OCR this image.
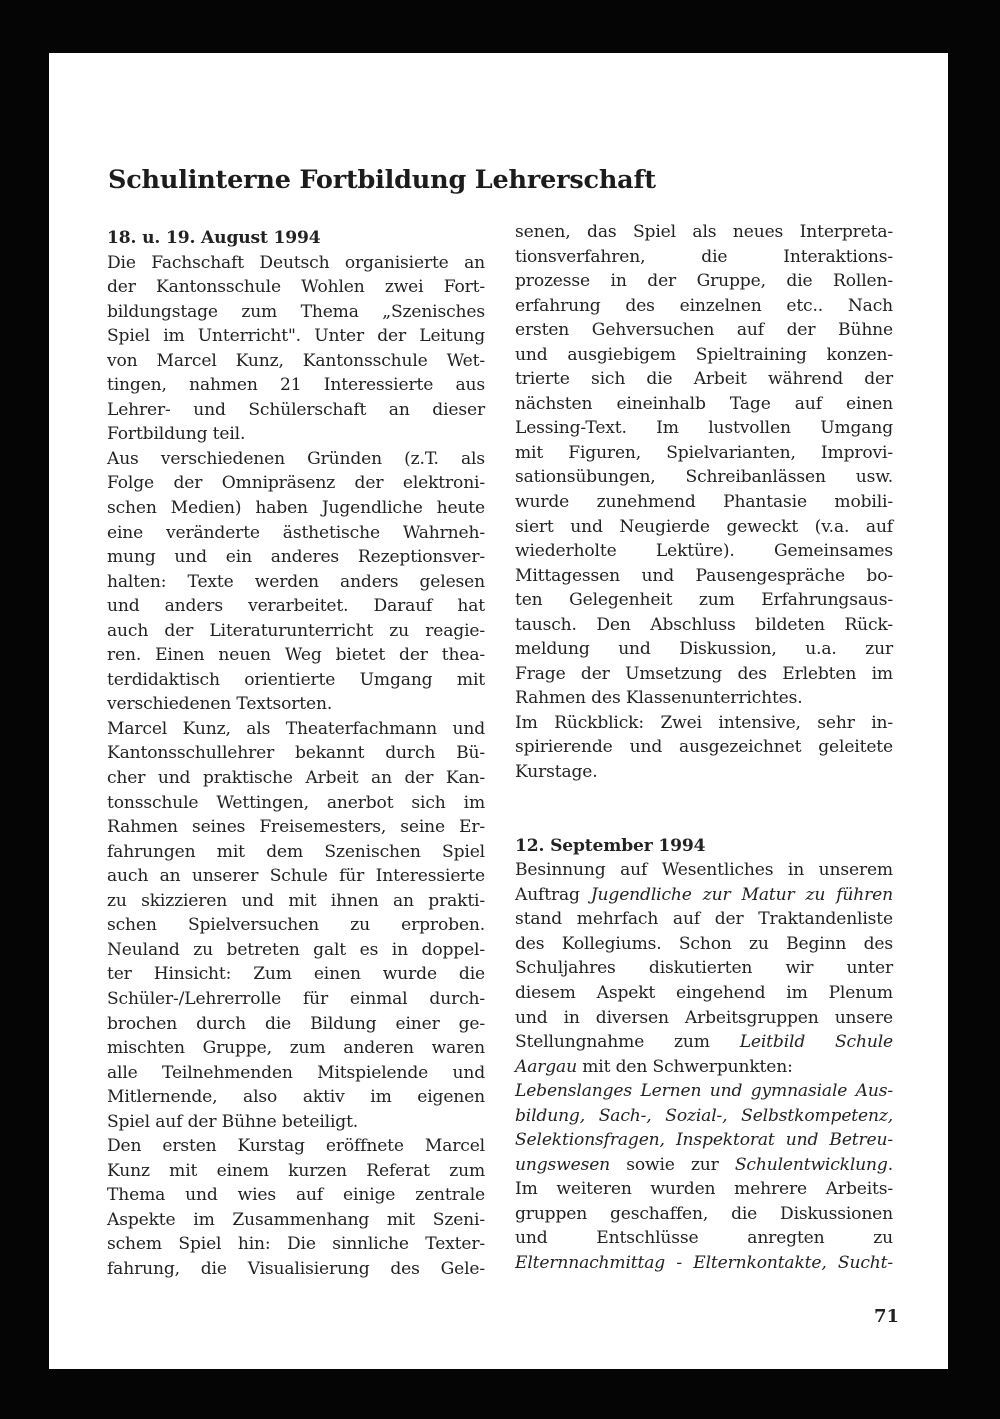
Schulinterne Fortbildung Lehrerschaft
18. u. 19. August 1994
Die Fachschaft Deutsch organisierte an
der Kantonsschule Wohlen zwei Fort-
bildungstage zum Thema „Szenisches
Spiel im Unterricht". Unter der Leitung
von Marcel Kunz, Kantonsschule Wet-
tingen, nahmen 21 Interessierte aus
Lehrer- und Schülerschaft an dieser
Fortbildung teil.
Aus verschiedenen Gründen (z.T. als
Folge der Omnipräsenz der elektroni-
schen Medien) haben Jugendliche heute
eine veränderte ästhetische Wahrneh-
mung und ein anderes Rezeptionsver-
halten: Texte werden anders gelesen
und anders verarbeitet. Darauf hat
auch der Literaturunterricht zu reagie-
ren. Einen neuen Weg bietet der thea-
terdidaktisch orientierte Umgang mit
verschiedenen Textsorten.
Marcel Kunz, als Theaterfachmann und
Kantonsschullehrer bekannt durch Bü-
cher und praktische Arbeit an der Kan-
tonsschule Wettingen, anerbot sich im
Rahmen seines Freisemesters, seine Er-
fahrungen mit dem Szenischen Spiel
auch an unserer Schule für Interessierte
zu skizzieren und mit ihnen an prakti-
schen Spielversuchen zu erproben.
Neuland zu betreten galt es in doppel-
ter Hinsicht: Zum einen wurde die
Schüler-/Lehrerrolle für einmal durch-
brochen durch die Bildung einer ge-
mischten Gruppe, zum anderen waren
alle Teilnehmenden Mitspielende und
Mitlernende, also aktiv im eigenen
Spiel auf der Bühne beteiligt.
Den ersten Kurstag eröffnete Marcel
Kunz mit einem kurzen Referat zum
Thema und wies auf einige zentrale
Aspekte im Zusammenhang mit Szeni-
schem Spiel hin: Die sinnliche Texter-
fahrung, die Visualisierung des Gele-
senen, das Spiel als neues Interpreta-
tionsverfahren, die Interaktions-
prozesse in der Gruppe, die Rollen-
erfahrung des einzelnen etc.. Nach
ersten Gehversuchen auf der Bühne
und ausgiebigem Spieltraining konzen-
trierte sich die Arbeit während der
nächsten eineinhalb Tage auf einen
Lessing-Text. Im lustvollen Umgang
mit Figuren, Spielvarianten, Improvi-
sationsübungen, Schreibanlässen usw.
wurde zunehmend Phantasie mobili-
siert und Neugierde geweckt (v.a. auf
wiederholte Lektüre). Gemeinsames
Mittagessen und Pausengespräche bo-
ten Gelegenheit zum Erfahrungsaus-
tausch. Den Abschluss bildeten Rück-
meldung und Diskussion, u.a. zur
Frage der Umsetzung des Erlebten im
Rahmen des Klassenunterrichtes.
Im Rückblick: Zwei intensive, sehr in-
spirierende und ausgezeichnet geleitete
Kurstage.
12. September 1994
Besinnung auf Wesentliches in unserem
Auftrag Jugendliche zur Matur zu führen
stand mehrfach auf der Traktandenliste
des Kollegiums. Schon zu Beginn des
Schuljahres diskutierten wir unter
diesem Aspekt eingehend im Plenum
und in diversen Arbeitsgruppen unsere
Stellungnahme zum Leitbild Schule
Aargau mit den Schwerpunkten:
Lebenslanges Lernen und gymnasiale Aus-
bildung, Sach-, Sozial-, Selbstkompetenz,
Selektionsfragen, Inspektorat und Betreu-
ungswesen sowie zur Schulentwicklung.
Im weiteren wurden mehrere Arbeits-
gruppen geschaffen, die Diskussionen
und Entschlüsse anregten zu
Elternnachmittag - Elternkontakte, Sucht-
71
